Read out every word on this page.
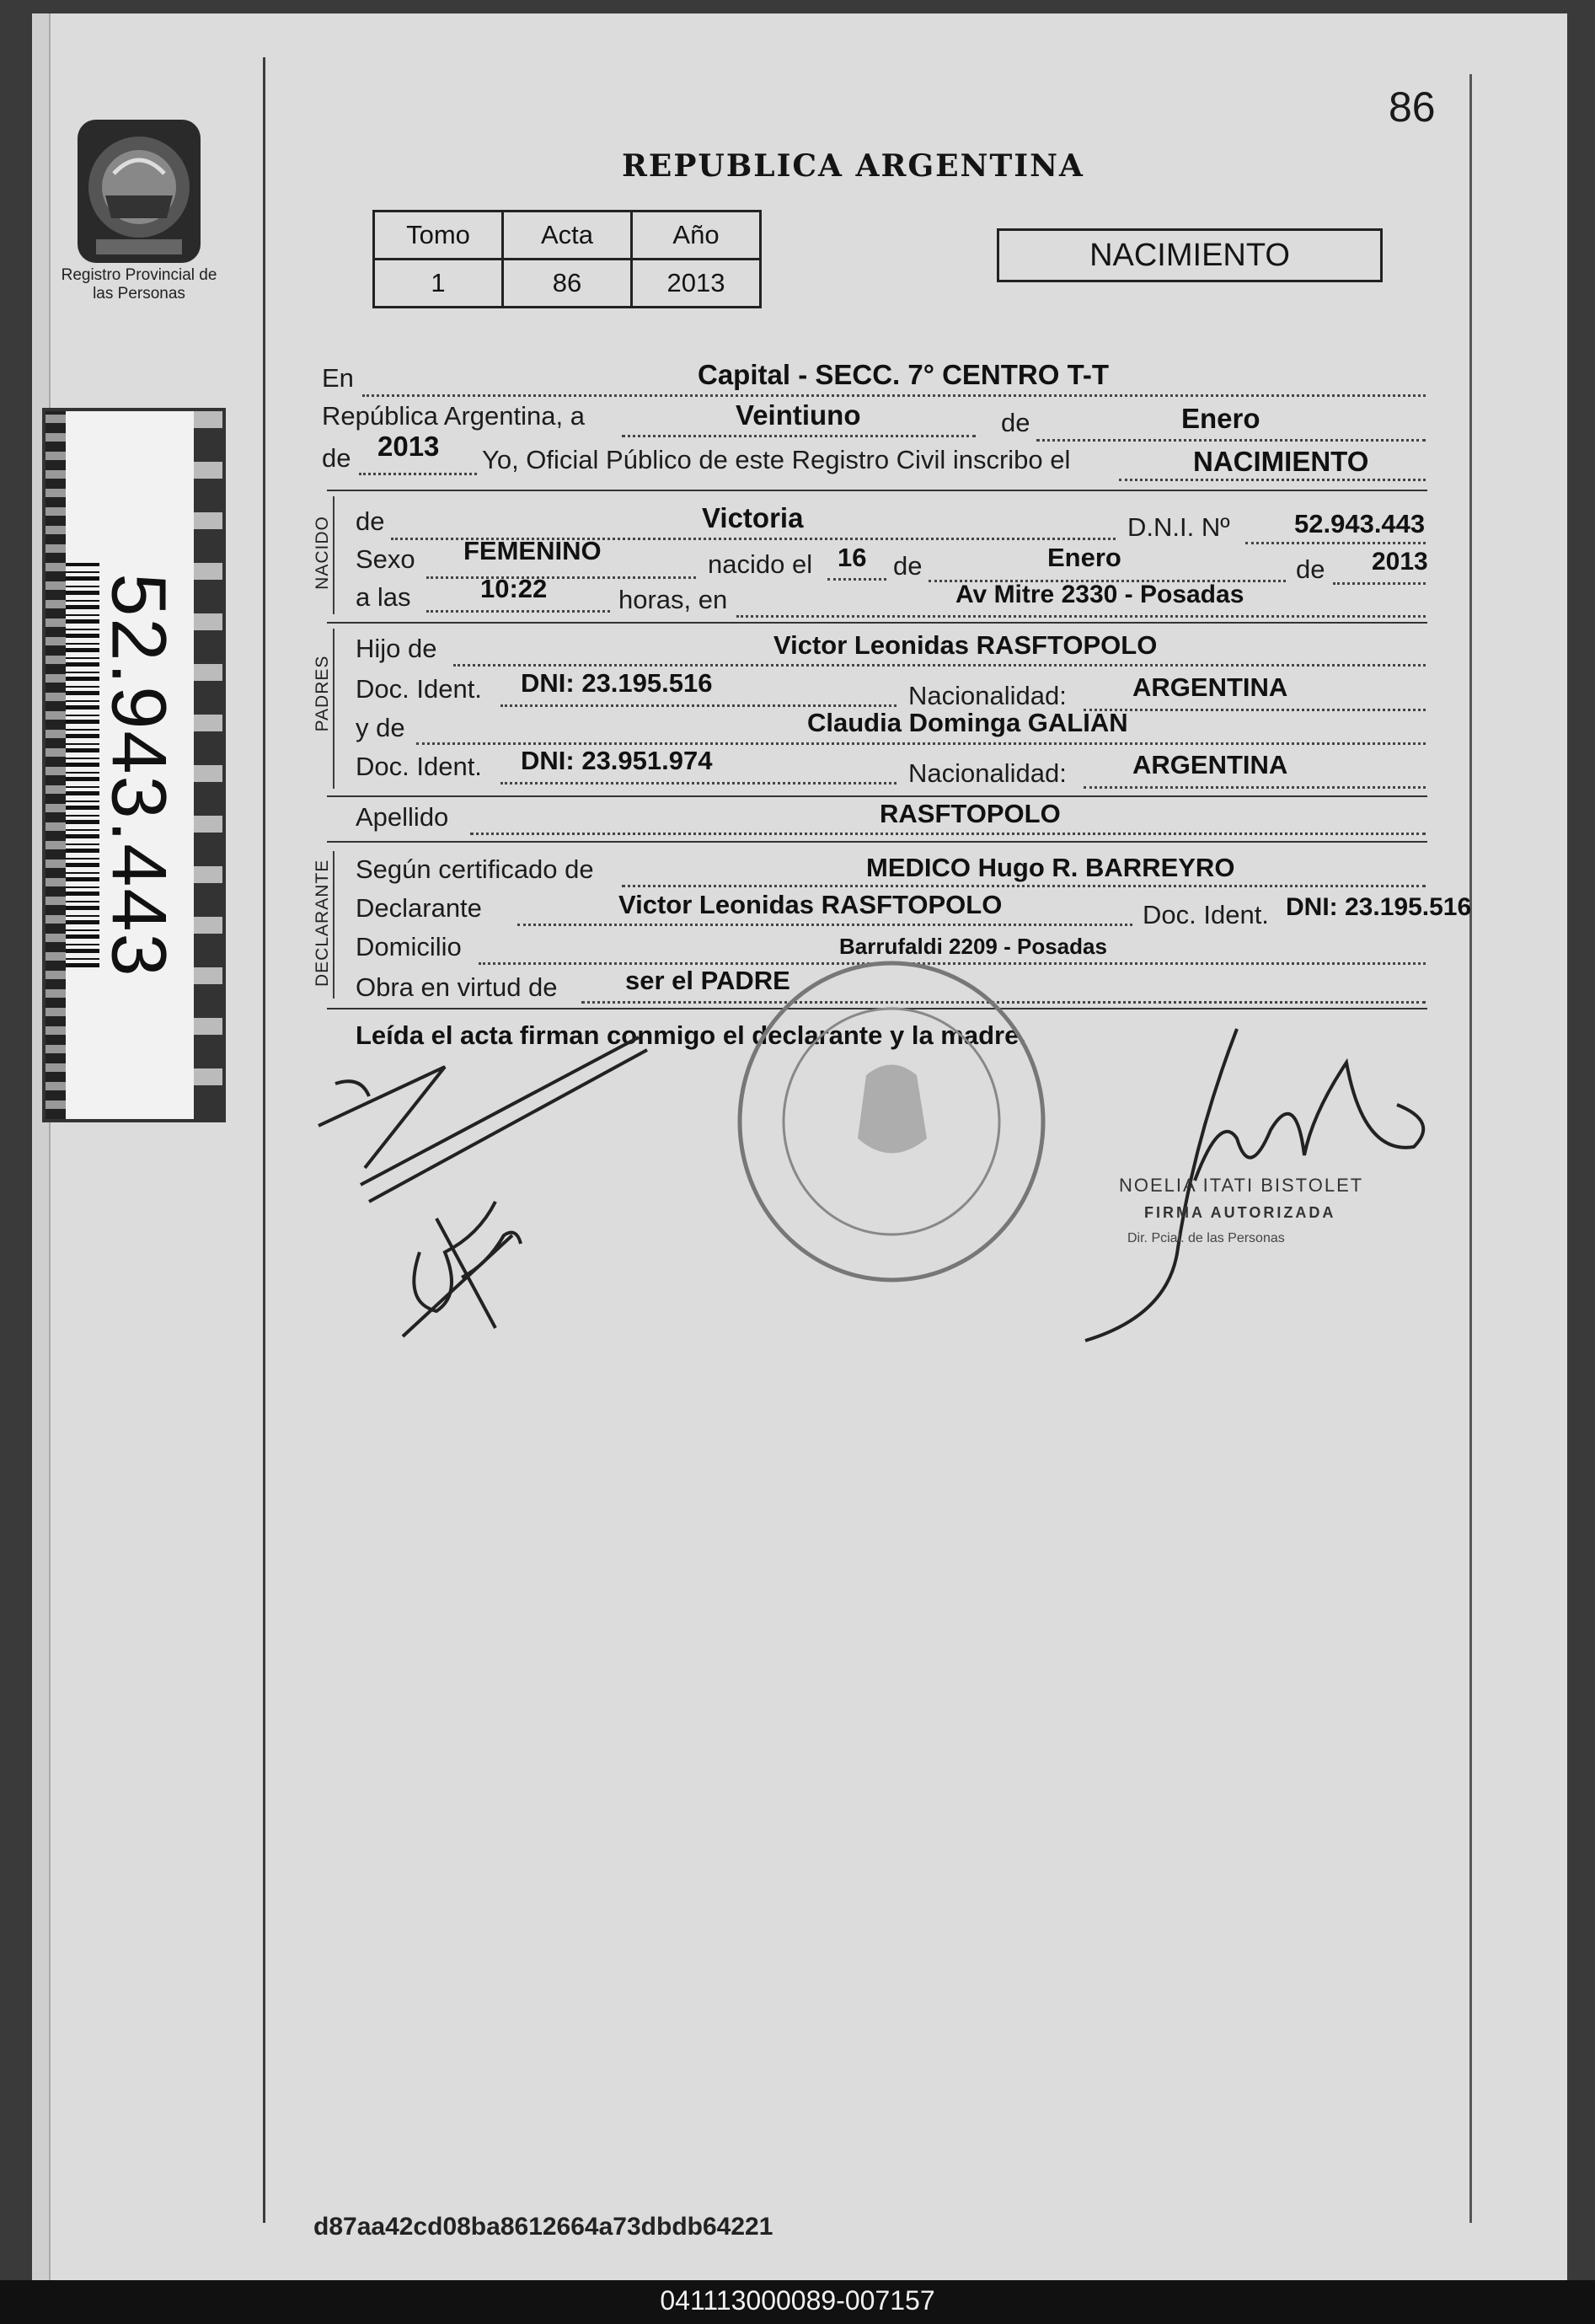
86
Registro Provincial de las Personas
52.943.443
REPUBLICA ARGENTINA
Tomo	Acta	Año
1	86	2013
NACIMIENTO
En	Capital - SECC. 7° CENTRO T-T
República Argentina, a	Veintiuno	de	Enero
de 2013 Yo, Oficial Público de este Registro Civil inscribo el	NACIMIENTO
NACIDO de	Victoria	D.N.I. Nº 52.943.443
Sexo FEMENINO	nacido el 16 de	Enero	de 2013
a las	10:22	horas, en	Av Mitre 2330 - Posadas
PADRES
Hijo de	Victor Leonidas RASFTOPOLO
Doc. Ident. DNI: 23.195.516	Nacionalidad:	ARGENTINA
y de	Claudia Dominga GALIAN
Doc. Ident. DNI: 23.951.974	Nacionalidad:	ARGENTINA
Apellido	RASFTOPOLO
DECLARANTE Según certificado de	MEDICO Hugo R. BARREYRO
Declarante	Victor Leonidas RASFTOPOLO	Doc. Ident. DNI: 23.195.516
Domicilio	Barrufaldi 2209 - Posadas
Obra en virtud de	ser el PADRE
Leída el acta firman conmigo el declarante y la madre.
NOELIA ITATI BISTOLET
FIRMA AUTORIZADA
Dir. Pcial. de las Personas
d87aa42cd08ba8612664a73dbdb64221
041113000089-007157
